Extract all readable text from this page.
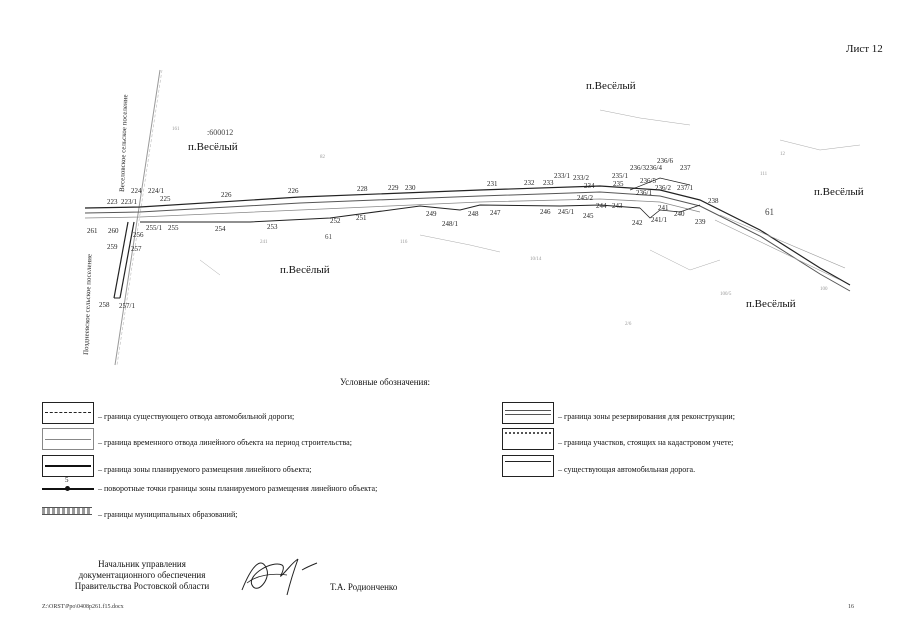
Лист 12
161
82
241
10/14
100/5
100
111
2/6
116
12
:600012
Веселовское сельское поселение
Позднеевское сельское поселение
61
61
223 223/1
224 224/1
225	226	226	228	229 230	231	232 233
233/1 233/2
234	235
235/1
236/3 236/4
236/6
236/5
236/2
236/1
237
237/1
238
239
240
241
241/1
242
243
244
245
245/1
245/2
246
247
248
248/1
249
251
252
253
254
255
255/1
256
257
257/1
258
259
260
261
п.Весёлый
п.Весёлый
п.Весёлый
п.Весёлый
п.Весёлый
Условные обозначения:
– граница существующего отвода автомобильной дороги;
– граница временного отвода линейного объекта на период строительства;
– граница зоны планируемого размещения линейного объекта;
5
– поворотные точки границы зоны планируемого размещения линейного объекта;
– границы муниципальных образований;
– граница зоны резервирования для реконструкции;
– граница участков, стоящих на кадастровом учете;
– существующая автомобильная дорога.
Начальник управления
документационного обеспечения
Правительства Ростовской области	Т.А. Родионченко
Z:\ORST\Ppo\0408p261.f15.docx	16
